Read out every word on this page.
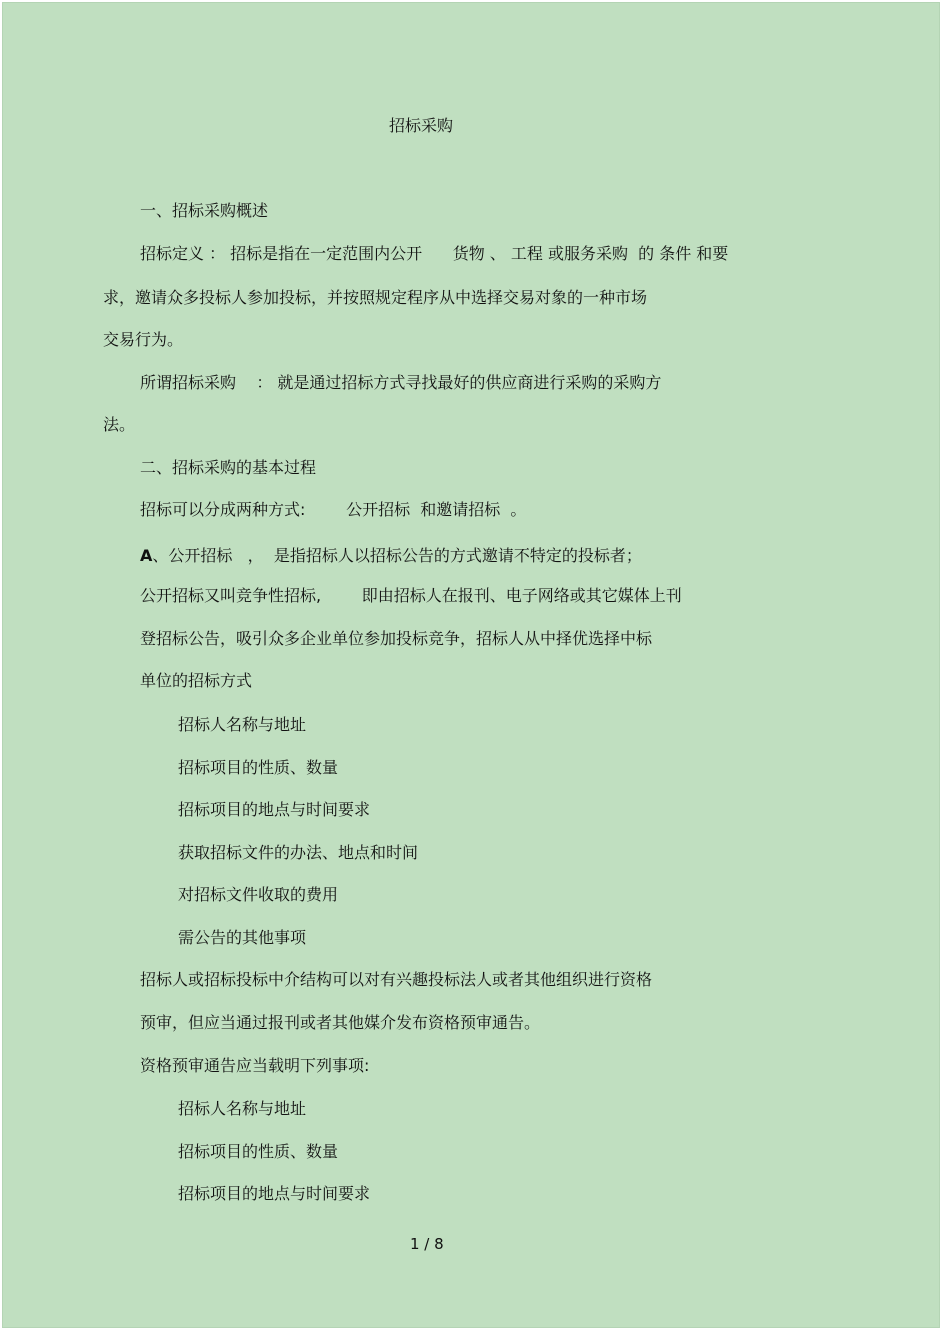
招标采购

一、招标采购概述

招标定义 ： 招标是指在一定范围内公开      货物 、 工程 或服务采购  的 条件 和要

求，邀请众多投标人参加投标，并按照规定程序从中选择交易对象的一种市场

交易行为。

所谓招标采购    ： 就是通过招标方式寻找最好的供应商进行采购的采购方

法。

二、招标采购的基本过程

招标可以分成两种方式:        公开招标  和邀请招标  。

A、公开招标   ，  是指招标人以招标公告的方式邀请不特定的投标者；

公开招标又叫竞争性招标,        即由招标人在报刊、电子网络或其它媒体上刊

登招标公告，吸引众多企业单位参加投标竞争，招标人从中择优选择中标

单位的招标方式

招标人名称与地址

招标项目的性质、数量

招标项目的地点与时间要求

获取招标文件的办法、地点和时间

对招标文件收取的费用

需公告的其他事项

招标人或招标投标中介结构可以对有兴趣投标法人或者其他组织进行资格

预审，但应当通过报刊或者其他媒介发布资格预审通告。

资格预审通告应当载明下列事项:

招标人名称与地址

招标项目的性质、数量

招标项目的地点与时间要求

1 / 8
